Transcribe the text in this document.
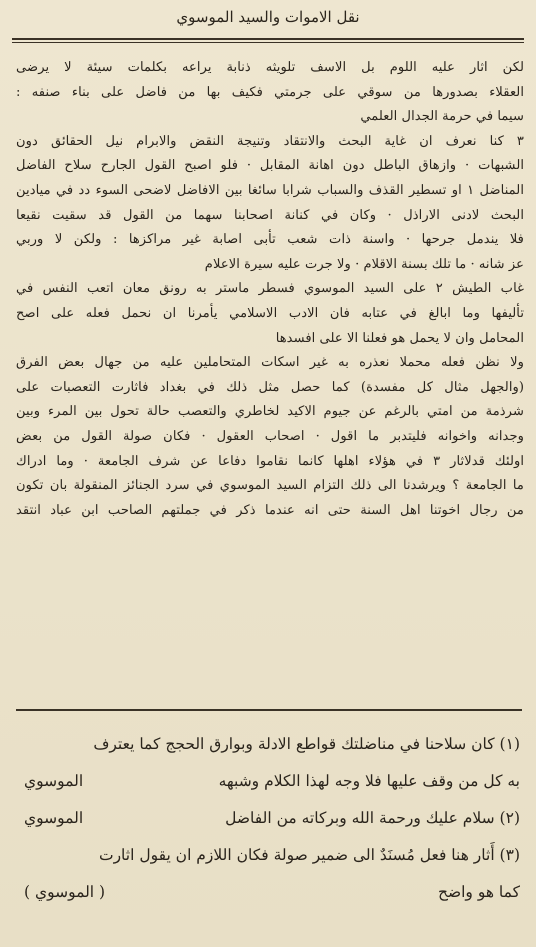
نقل الاموات والسيد الموسوي
لكن اثار عليه اللوم بل الاسف تلويثه ذنابة يراعه بكلمات سيئة لا يرضى
العقلاء بصدورها من سوقي على جرمتي فكيف بها من فاضل على بناء صنفه :
سيما في حرمة الجدال العلمي
٣ كنا نعرف ان غاية البحث والانتقاد وتنيجة النقض والابرام نيل الحقائق دون
الشبهات · وازهاق الباطل دون اهانة المقابل · فلو اصبح القول الجارح سلاح الفاضل
المناضل ١ او تسطير القذف والسباب شرابا سائغا بين الافاضل لاضحى السوء دد في ميادين
البحث لادنى الاراذل · وكان في كنانة اصحابنا سهما من القول قد سقيت نقيعا
فلا يندمل جرحها · واسنة ذات شعب تأبى اصابة غير مراكزها : ولكن لا وربي
عز شانه · ما تلك بسنة الاقلام · ولا جرت عليه سيرة الاعلام
غاب الطيش ٢ على السيد الموسوي فسطر ماستر به رونق معان اتعب النفس في
تأليفها وما ابالغ في عتابه فان الادب الاسلامي يأمرنا ان نحمل فعله على اصح
المحامل وان لا يحمل هو فعلنا الا على افسدها
ولا نظن فعله محملا نعذره به غير اسكات المتحاملين عليه من جهال بعض الفرق
(والجهل مثال كل مفسدة) كما حصل مثل ذلك في بغداد فاثارت التعصبات على
شرذمة من امتي بالرغم عن جيوم الاكيد لخاطري والتعصب حالة تحول بين المرء وبين
وجدانه واخوانه فليتدبر ما اقول · اصحاب العقول · فكان صولة القول من بعض
اولئك قدلاثار ٣ في هؤلاء اهلها كانما نقاموا دفاعا عن شرف الجامعة · وما ادراك
ما الجامعة ؟ ويرشدنا الى ذلك التزام السيد الموسوي في سرد الجنائز المنقولة بان تكون
من رجال اخوتنا اهل السنة حتى انه عندما ذكر في جملتهم الصاحب ابن عباد انتقد
(١) كان سلاحنا في مناضلتك قواطع الادلة وبوارق الحجج كما يعترف
به كل من وقف عليها فلا وجه لهذا الكلام وشبهه
الموسوي
(٢) سلام عليك ورحمة الله وبركاته من الفاضل
الموسوي
(٣) أَثار هنا فعل مُسنَدٌ الى ضمير صولة فكان اللازم ان يقول اثارت
كما هو واضح
( الموسوي )
